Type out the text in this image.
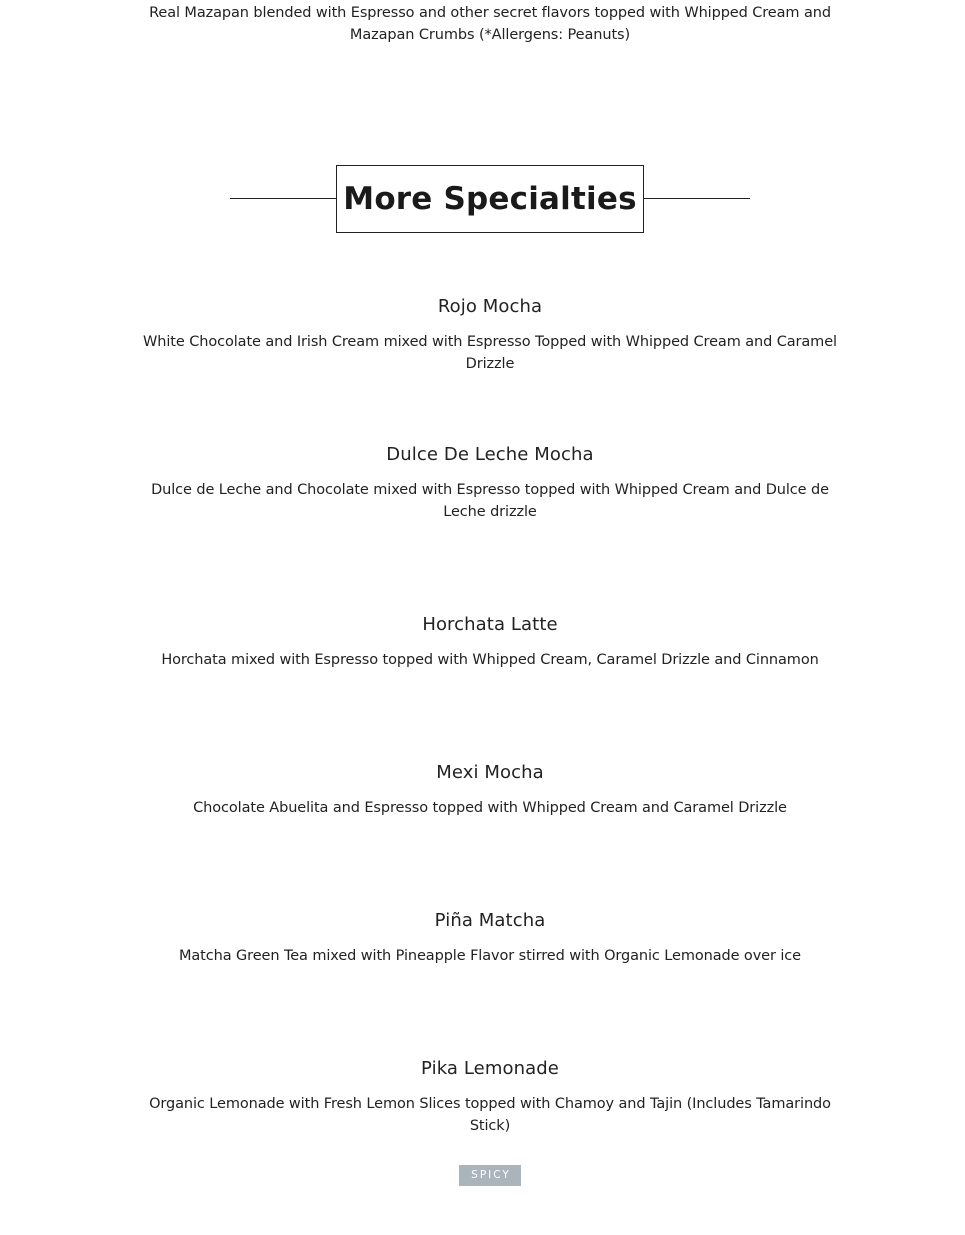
Real Mazapan blended with Espresso and other secret flavors topped with Whipped Cream and Mazapan Crumbs (*Allergens: Peanuts)
More Specialties
Rojo Mocha
White Chocolate and Irish Cream mixed with Espresso Topped with Whipped Cream and Caramel Drizzle
Dulce De Leche Mocha
Dulce de Leche and Chocolate mixed with Espresso topped with Whipped Cream and Dulce de Leche drizzle
Horchata Latte
Horchata mixed with Espresso topped with Whipped Cream, Caramel Drizzle and Cinnamon
Mexi Mocha
Chocolate Abuelita and Espresso topped with Whipped Cream and Caramel Drizzle
Piña Matcha
Matcha Green Tea mixed with Pineapple Flavor stirred with Organic Lemonade over ice
Pika Lemonade
Organic Lemonade with Fresh Lemon Slices topped with Chamoy and Tajin (Includes Tamarindo Stick)
SPICY
